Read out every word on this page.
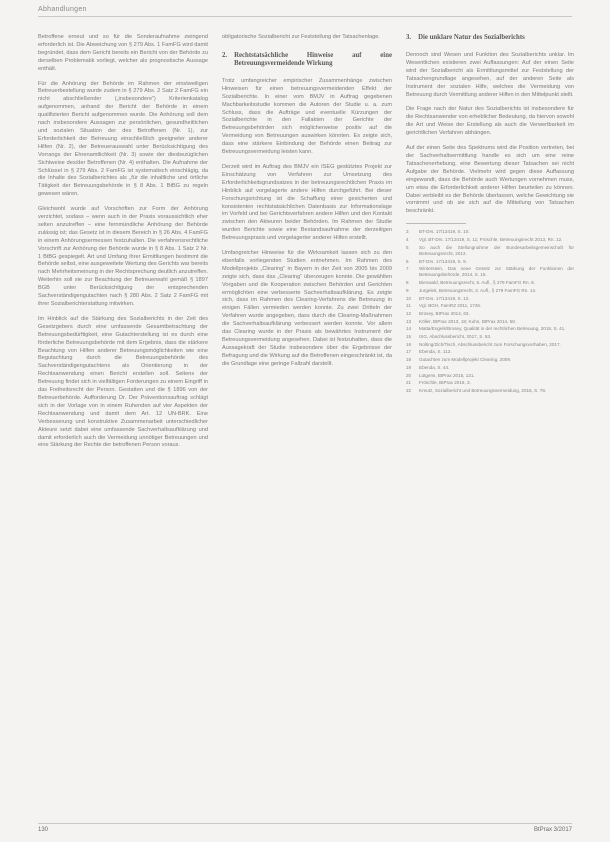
Abhandlungen

Betroffene erneut und so für die Sonderaufnahme zwingend erforderlich ist. Die Abweichung von § 279 Abs. 1 FamFG wird damit begründet, dass dem Gericht bereits ein Bericht von der Behörde zu derselben Problematik vorliegt, welcher als prognostische Aussage enthält.

Für die Anhörung der Behörde im Rahmen der einstweiligen Betreuerbestellung wurde zudem in § 279 Abs. 2 Satz 2 FamFG ein nicht abschließender („insbesondere“) Kriterienkatalog aufgenommen, anhand der Bericht der Behörde in einem qualifizierten Bericht aufgenommen wurde. Die Anhörung soll dem nach insbesondere Aussagen zur persönlichen, gesundheitlichen und sozialen Situation der des Betroffenen (Nr. 1), zur Erforderlichkeit der Betreuung einschließlich geeigneter anderer Hilfen (Nr. 2), der Betreuerauswahl unter Berücksichtigung des Vorrangs der Ehrenamtlichkeit (Nr. 3) sowie der diesbezüglichen Sichtweise des/der Betroffenen (Nr. 4) enthalten. Die Aufnahme der Schlüssel in § 279 Abs. 2 FamFG ist systematisch einschlägig, da die Inhalte des Sozialberichtes als „für die inhaltliche und örtliche Tätigkeit der Betreuungsbehörde in § 8 Abs. 1 BtBG zu regeln gewesen wären.

Gleichwohl wurde auf Vorschriften zur Form der Anhörung verzichtet, sodass – wenn auch in der Praxis voraussichtlich eher selten anzutreffen – eine fernmündliche Anhörung der Behörde zulässig ist; das Gesetz ist in diesem Bereich in § 26 Abs. 4 FamFG in einem Anhörungsermessen festzuhalten. Die verfahrensrechtliche Vorschrift zur Anhörung der Behörde wurde in § 8 Abs. 1 Satz 2 Nr. 1 BtBG gespiegelt. Art und Umfang ihrer Ermittlungen bestimmt die Behörde selbst, eine ausgeweitete Wertung des Gerichts war bereits nach Mehrheitsmeinung in der Rechtsprechung deutlich anzutreffen. Weiterhin soll sie zur Beachtung der Betreuerwahl gemäß § 1897 BGB unter Berücksichtigung der entsprechenden Sachverständigengutachten nach § 280 Abs. 2 Satz 2 FamFG mit ihrer Sozialberichterstattung mitwirken.

Im Hinblick auf die Stärkung des Sozialberichts in der Zeit des Gesetzgebers durch eine umfassende Gesamtbetrachtung der Betreuungsbedürftigkeit, eine Gutachterstellung ist es durch eine förderliche Betreuungsbehörde mit dem Ergebnis, dass die stärkere Beachtung von Hilfen anderer Betreuungsmöglichkeiten wie eine Begutachtung durch die Betreuungsbehörde des Sachverständigengutachtens als Orientierung in der Rechtsanwendung einen Bericht erstellen soll. Seitens der Betreuung findet sich in vielfältigen Forderungen zu einem Eingriff in das Freiheitsrecht der Person. Gestatten und die § 1896 von der Betreuerbehörde. Aufforderung Dr. Der Präventionsauftrag schlägt sich in der Vorlage von in einem Ruhenden auf vier Aspekten der Rechtsanwendung und damit dem Art. 12 UN-BRK. Eine Verbesserung und konstruktive Zusammenarbeit unterschiedlicher Akteure setzt dabei eine umfassende Sachverhaltsaufklärung und damit erforderlich auch die Vermeidung unnötiger Betreuungen und eine Stärkung der Rechte der betroffenen Person voraus.

obligatorische Sozialbericht zur Feststellung der Tatsachenlage.

2. Rechtstatsächliche Hinweise auf eine Betreuungsvermeidende Wirkung

Trotz umfangreicher empirischer Zusammenhänge zwischen Hinweisen für einen betreuungsvermeidenden Effekt der Sozialberichte. In einer vom BMJV in Auftrag gegebenen Machbarkeitsstudie kommen die Autoren der Studie u. a. zum Schluss, dass die Aufträge und eventuelle Kürzungen der Sozialberichte in den Fallakten der Gerichte der Betreuungsbehörden sich möglicherweise positiv auf die Vermeidung von Betreuungen auswirken könnten. Es zeigte sich, dass eine stärkere Einbindung der Behörde einen Beitrag zur Betreuungsvermeidung leisten kann.

Derzeit wird im Auftrag des BMJV ein ISEG gestütztes Projekt zur Einschätzung von Verfahren zur Umsetzung des Erforderlichkeitsgrundsatzes in der betreuungsrechtlichen Praxis im Hinblick auf vorgelagerte andere Hilfen durchgeführt. Bei dieser Forschungsrichtung ist die Schaffung einer gesicherten und konsistenten rechtstatsächlichen Datenbasis zur Informationslage im Vorfeld und bei Gerichtsverfahren andere Hilfen und den Kontakt zwischen den Akteuren beider Behörden. Im Rahmen der Studie wurden Berichte sowie eine Bestandsaufnahme der derzeitigen Betreuungspraxis und vorgelagerter anderer Hilfen erstellt.

Umfangreicher Hinweise für die Wirksamkeit lassen sich zu den ebenfalls vorliegenden Studien entnehmen. Im Rahmen des Modellprojekts „Clearing“ in Bayern in der Zeit von 2005 bis 2009 zeigte sich, dass das „Clearing“ überzeugen konnte. Die gewählten Vorgaben und die Kooperation zwischen Behörden und Gerichten ermöglichten eine verbesserte Sachverhaltsaufklärung. Es zeigte sich, dass im Rahmen des Clearing-Verfahrens die Betreuung in einigen Fällen vermieden werden konnte. Zu zwei Dritteln der Verfahren wurde angegeben, dass durch die Clearing-Maßnahmen die Sachverhaltsaufklärung verbessert werden konnte. Vor allem das Clearing wurde in der Praxis als bewährtes Instrument der Betreuungsvermeidung angesehen. Dabei ist festzuhalten, dass die Aussagekraft der Studie insbesondere über die Ergebnisse der Befragung und die Wirkung auf die Betroffenen eingeschränkt ist, da die Grundlage eine geringe Fallzahl darstellt.

3. Die unklare Natur des Sozialberichts

Dennoch sind Wesen und Funktion des Sozialberichts unklar. Im Wesentlichen existieren zwei Auffassungen: Auf der einen Seite wird der Sozialbericht als Ermittlungsmittel zur Feststellung der Tatsachengrundlage angesehen, auf der anderen Seite als Instrument der sozialen Hilfe, welches die Vermeidung von Betreuung durch Vermittlung anderer Hilfen in den Mittelpunkt stellt.

Die Frage nach der Natur des Sozialberichts ist insbesondere für die Rechtsanwender von erheblicher Bedeutung, da hiervon sowohl die Art und Weise der Erstellung als auch die Verwertbarkeit im gerichtlichen Verfahren abhängen.

Auf der einen Seite des Spektrums wird die Position vertreten, bei der Sachverhaltsermittlung handle es sich um eine reine Tatsachenerhebung, eine Bewertung dieser Tatsachen sei nicht Aufgabe der Behörde. Vielmehr wird gegen diese Auffassung eingewandt, dass die Behörde auch Wertungen vornehmen muss, um etwa die Erforderlichkeit anderer Hilfen beurteilen zu können. Dabei verbleibt es der Behörde überlassen, welche Gewichtung sie vornimmt und ob sie sich auf die Mitteilung von Tatsachen beschränkt.

3	BT-Drs. 17/13419, S. 10.
4	Vgl. BT-Drs. 17/13419, S. 11; Fröschle, Betreuungsrecht 2013, Rn. 12.
5	So auch die Stellungnahme der Bundesarbeitsgemeinschaft für Betreuungsrecht, 2013.
6	BT-Drs. 17/13419, S. 9.
7	Winterstein, Das neue Gesetz zur Stärkung der Funktionen der Betreuungsbehörde, 2014, S. 15.
8	Bienwald, Betreuungsrecht, 6. Aufl., § 279 FamFG Rn. 8.
9	Jurgeleit, Betreuungsrecht, 3. Aufl., § 279 FamFG Rn. 14.
10	BT-Drs. 17/13419, S. 12.
11	Vgl. BGH, FamRZ 2011, 1726.
12	Brosey, BtPrax 2014, 63.
13	Köller, BtPrax 2013, 18; Kuhn, BtPrax 2014, 58.
14	Matta/Engels/Brosey, Qualität in der rechtlichen Betreuung, 2018, S. 41.
15	ISG, Abschlussbericht, 2017, S. 53.
16	Nolting/Zich/Tisch, Abschlussbericht zum Forschungsvorhaben, 2017.
17	Ebenda, S. 112.
18	Gutachten zum Modellprojekt Clearing, 2009.
19	Ebenda, S. 44.
20	Lütgens, BtPrax 2015, 131.
21	Fröschle, BtPrax 2016, 3.
22	Kreutz, Sozialbericht und Betreuungsvermeidung, 2016, S. 78.
130	BtPrax 3/2017
